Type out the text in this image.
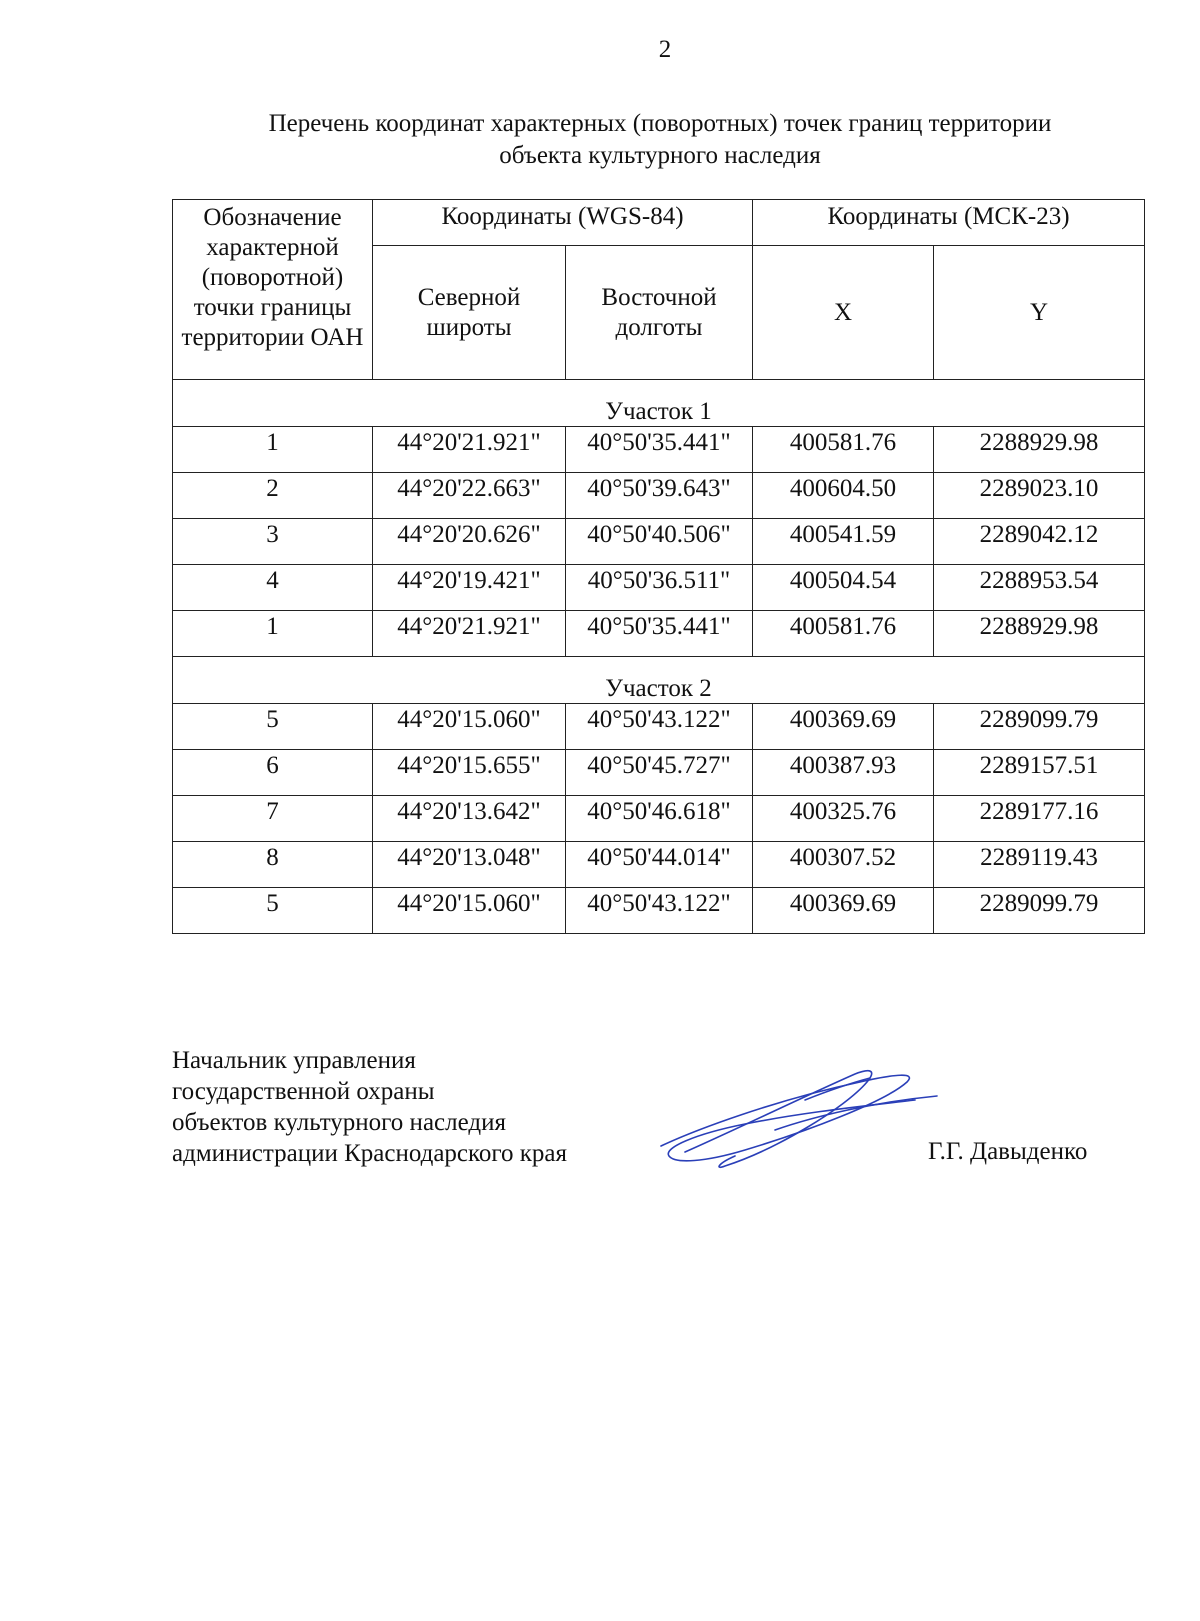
2
Перечень координат характерных (поворотных) точек границ территории
объекта культурного наследия
Обозначение характерной (поворотной) точки границы территории ОАН	Координаты (WGS-84)		Координаты (МСК-23)	
	Северной широты	Восточной долготы	X	Y
Участок 1				
1	44°20'21.921"	40°50'35.441"	400581.76	2288929.98
2	44°20'22.663"	40°50'39.643"	400604.50	2289023.10
3	44°20'20.626"	40°50'40.506"	400541.59	2289042.12
4	44°20'19.421"	40°50'36.511"	400504.54	2288953.54
1	44°20'21.921"	40°50'35.441"	400581.76	2288929.98
Участок 2				
5	44°20'15.060"	40°50'43.122"	400369.69	2289099.79
6	44°20'15.655"	40°50'45.727"	400387.93	2289157.51
7	44°20'13.642"	40°50'46.618"	400325.76	2289177.16
8	44°20'13.048"	40°50'44.014"	400307.52	2289119.43
5	44°20'15.060"	40°50'43.122"	400369.69	2289099.79
Начальник управления
государственной охраны
объектов культурного наследия
администрации Краснодарского края	Г.Г. Давыденко
